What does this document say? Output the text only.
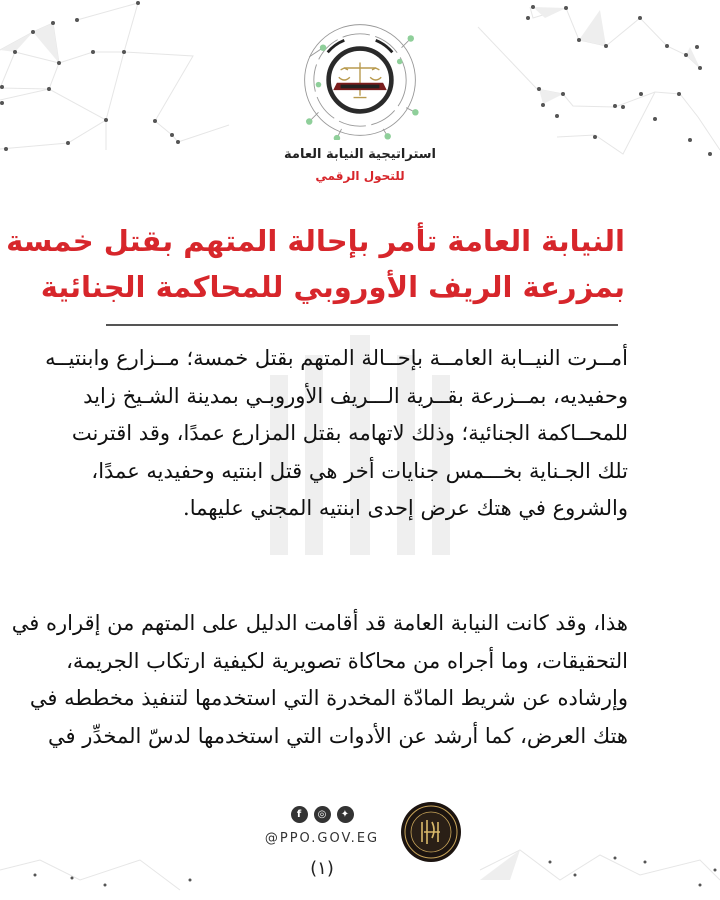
استراتيجية النيابة العامة
للتحول الرقمي
النيابة العامة تأمر بإحالة المتهم بقتل خمسة
بمزرعة الريف الأوروبي للمحاكمة الجنائية
أمــرت النيــابة العامــة بإحــالة المتهم بقتل خمسة؛ مــزارع وابنتيــه
وحفيديه، بمــزرعة بقــرية الـــريف الأوروبـي بمدينة الشـيخ زايد
للمحــاكمة الجنائية؛ وذلك لاتهامه بقتل المزارع عمدًا، وقد اقترنت
تلك الجـناية بخـــمس جنايات أخر هي قتل ابنتيه وحفيديه عمدًا،
والشروع في هتك عرض إحدى ابنتيه المجني عليهما.
هذا، وقد كانت النيابة العامة قد أقامت الدليل على المتهم من إقراره في
التحقيقات، وما أجراه من محاكاة تصويرية لكيفية ارتكاب الجريمة،
وإرشاده عن شريط المادّة المخدرة التي استخدمها لتنفيذ مخططه في
هتك العرض، كما أرشد عن الأدوات التي استخدمها لدسّ المخدِّر في
f	◎	✦
@PPO.GOV.EG
(١)
